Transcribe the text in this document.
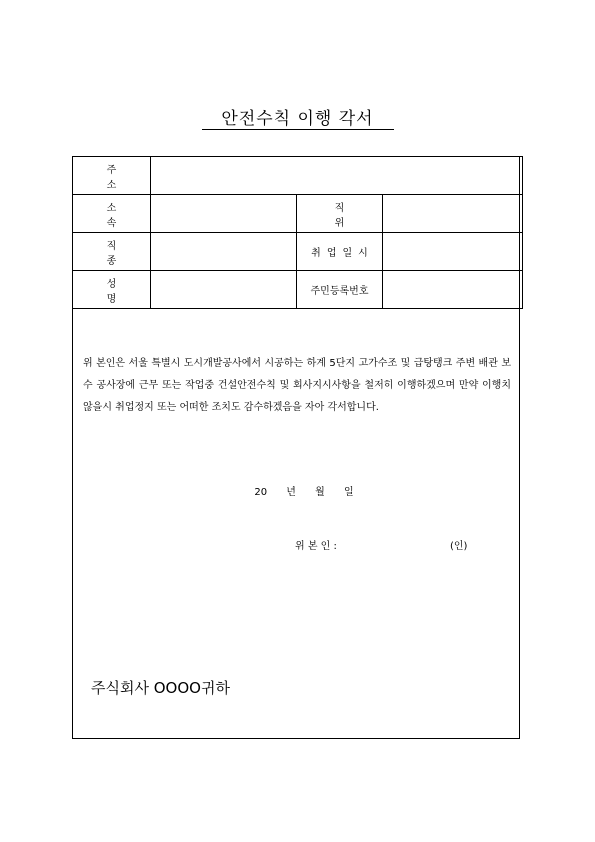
안전수칙 이행 각서
주 소			
소 속		직 위	
직 종		취업일시	
성 명		주민등록번호	
위 본인은 서울 특별시 도시개발공사에서 시공하는 하계 5단지 고가수조 및 급탕탱크 주변 배관 보수 공사장에 근무 또는 작업중 건설안전수칙 및 회사지시사항을 철저히 이행하겠으며 만약 이행치 않을시 취업정지 또는 어떠한 조치도 감수하겠음을 자아 각서합니다.
20 년 월 일
위 본 인 :	(인)
주식회사 OOOO귀하
